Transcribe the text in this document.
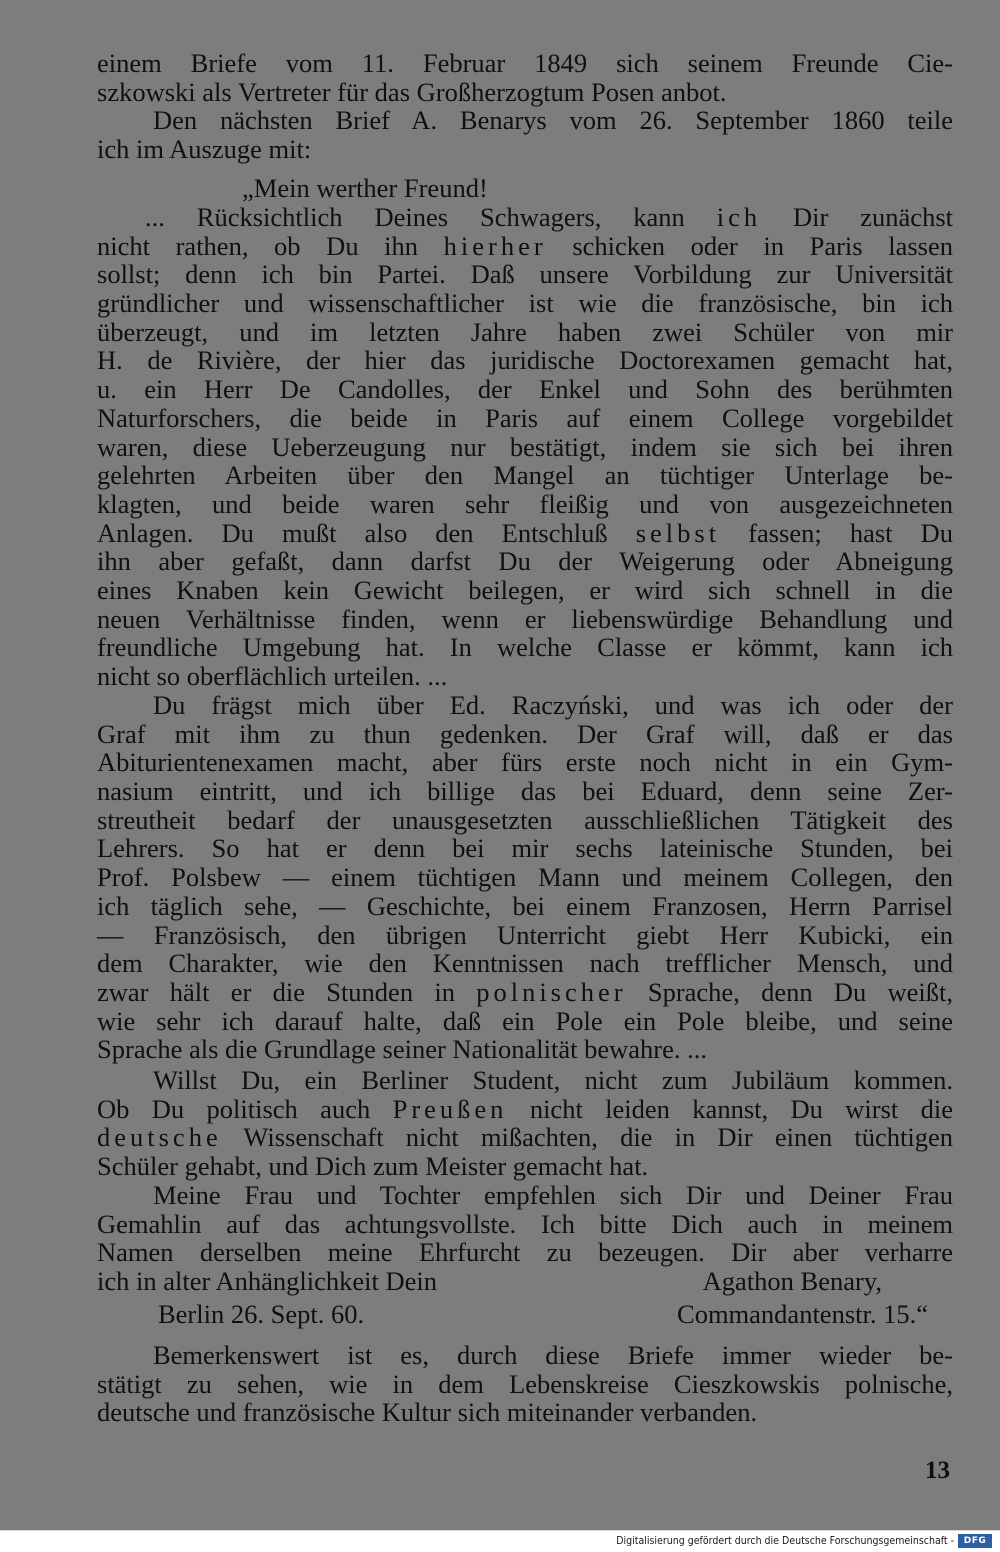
einem Briefe vom 11. Februar 1849 sich seinem Freunde Cie-
szkowski als Vertreter für das Großherzogtum Posen anbot.
Den nächsten Brief A. Benarys vom 26. September 1860 teile
ich im Auszuge mit:
„Mein werther Freund!
... Rücksichtlich Deines Schwagers, kann ich Dir zunächst
nicht rathen, ob Du ihn hierher schicken oder in Paris lassen
sollst; denn ich bin Partei. Daß unsere Vorbildung zur Universität
gründlicher und wissenschaftlicher ist wie die französische, bin ich
überzeugt, und im letzten Jahre haben zwei Schüler von mir
H. de Rivière, der hier das juridische Doctorexamen gemacht hat,
u. ein Herr De Candolles, der Enkel und Sohn des berühmten
Naturforschers, die beide in Paris auf einem College vorgebildet
waren, diese Ueberzeugung nur bestätigt, indem sie sich bei ihren
gelehrten Arbeiten über den Mangel an tüchtiger Unterlage be-
klagten, und beide waren sehr fleißig und von ausgezeichneten
Anlagen. Du mußt also den Entschluß selbst fassen; hast Du
ihn aber gefaßt, dann darfst Du der Weigerung oder Abneigung
eines Knaben kein Gewicht beilegen, er wird sich schnell in die
neuen Verhältnisse finden, wenn er liebenswürdige Behandlung und
freundliche Umgebung hat. In welche Classe er kömmt, kann ich
nicht so oberflächlich urteilen. ...
Du frägst mich über Ed. Raczyński, und was ich oder der
Graf mit ihm zu thun gedenken. Der Graf will, daß er das
Abiturientenexamen macht, aber fürs erste noch nicht in ein Gym-
nasium eintritt, und ich billige das bei Eduard, denn seine Zer-
streutheit bedarf der unausgesetzten ausschließlichen Tätigkeit des
Lehrers. So hat er denn bei mir sechs lateinische Stunden, bei
Prof. Polsbew — einem tüchtigen Mann und meinem Collegen, den
ich täglich sehe, — Geschichte, bei einem Franzosen, Herrn Parrisel
— Französisch, den übrigen Unterricht giebt Herr Kubicki, ein
dem Charakter, wie den Kenntnissen nach trefflicher Mensch, und
zwar hält er die Stunden in polnischer Sprache, denn Du weißt,
wie sehr ich darauf halte, daß ein Pole ein Pole bleibe, und seine
Sprache als die Grundlage seiner Nationalität bewahre. ...
Willst Du, ein Berliner Student, nicht zum Jubiläum kommen.
Ob Du politisch auch Preußen nicht leiden kannst, Du wirst die
deutsche Wissenschaft nicht mißachten, die in Dir einen tüchtigen
Schüler gehabt, und Dich zum Meister gemacht hat.
Meine Frau und Tochter empfehlen sich Dir und Deiner Frau
Gemahlin auf das achtungsvollste. Ich bitte Dich auch in meinem
Namen derselben meine Ehrfurcht zu bezeugen. Dir aber verharre
ich in alter Anhänglichkeit Dein	Agathon Benary,
Berlin 26. Sept. 60.	Commandantenstr. 15.“
Bemerkenswert ist es, durch diese Briefe immer wieder be-
stätigt zu sehen, wie in dem Lebenskreise Cieszkowskis polnische,
deutsche und französische Kultur sich miteinander verbanden.
13
Digitalisierung gefördert durch die Deutsche Forschungsgemeinschaft -	DFG
